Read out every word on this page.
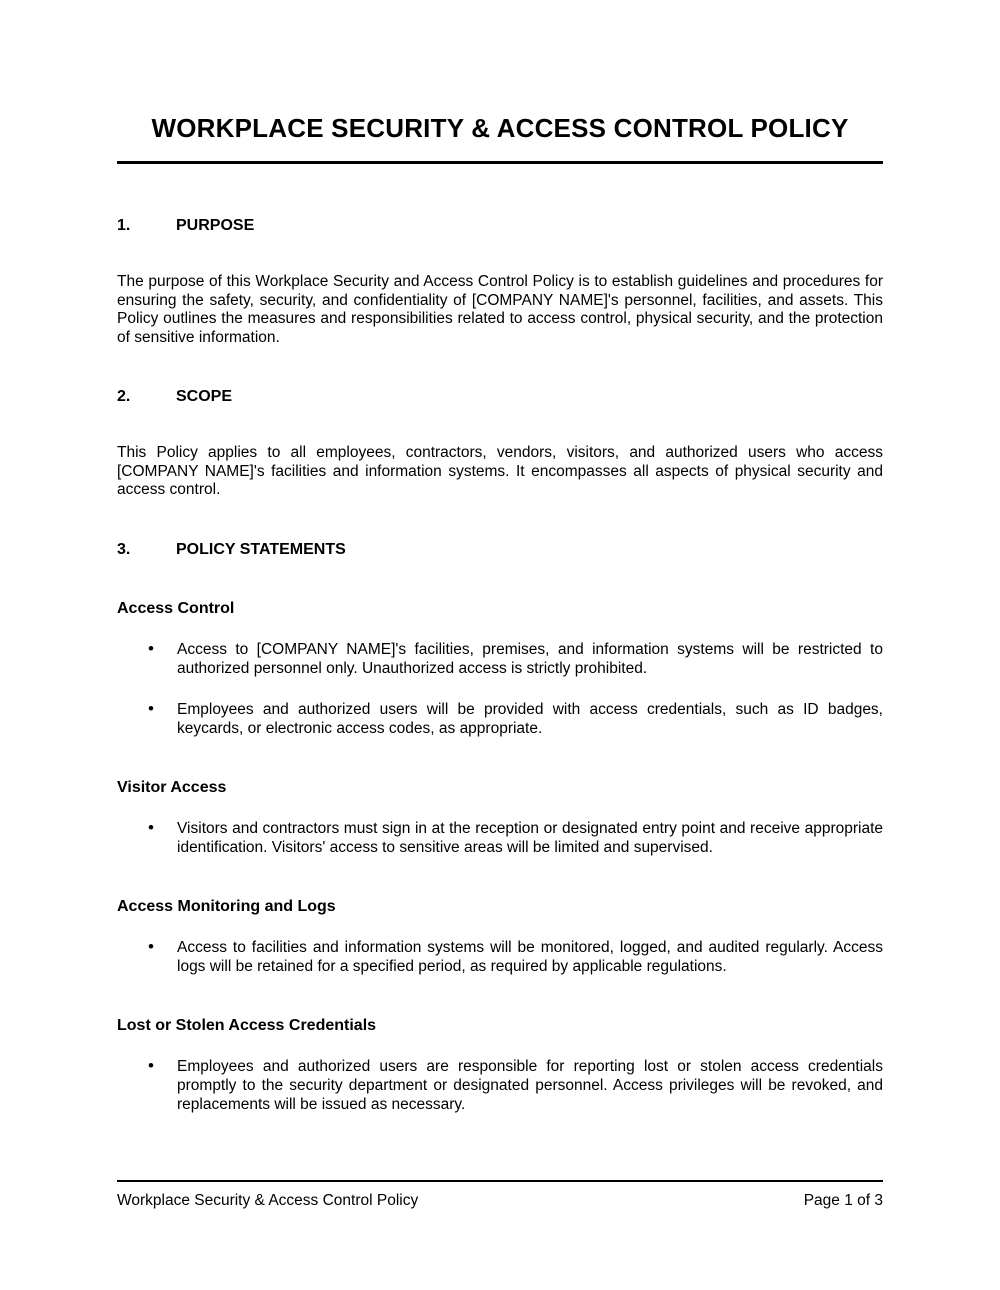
WORKPLACE SECURITY & ACCESS CONTROL POLICY
1.	PURPOSE

The purpose of this Workplace Security and Access Control Policy is to establish guidelines and procedures for ensuring the safety, security, and confidentiality of [COMPANY NAME]'s personnel, facilities, and assets. This Policy outlines the measures and responsibilities related to access control, physical security, and the protection of sensitive information.

2.	SCOPE

This Policy applies to all employees, contractors, vendors, visitors, and authorized users who access [COMPANY NAME]'s facilities and information systems. It encompasses all aspects of physical security and access control.

3.	POLICY STATEMENTS
Access Control
• Access to [COMPANY NAME]'s facilities, premises, and information systems will be restricted to authorized personnel only. Unauthorized access is strictly prohibited.
• Employees and authorized users will be provided with access credentials, such as ID badges, keycards, or electronic access codes, as appropriate.
Visitor Access
• Visitors and contractors must sign in at the reception or designated entry point and receive appropriate identification. Visitors' access to sensitive areas will be limited and supervised.
Access Monitoring and Logs
• Access to facilities and information systems will be monitored, logged, and audited regularly. Access logs will be retained for a specified period, as required by applicable regulations.
Lost or Stolen Access Credentials
• Employees and authorized users are responsible for reporting lost or stolen access credentials promptly to the security department or designated personnel. Access privileges will be revoked, and replacements will be issued as necessary.
Workplace Security & Access Control Policy	Page 1 of 3
